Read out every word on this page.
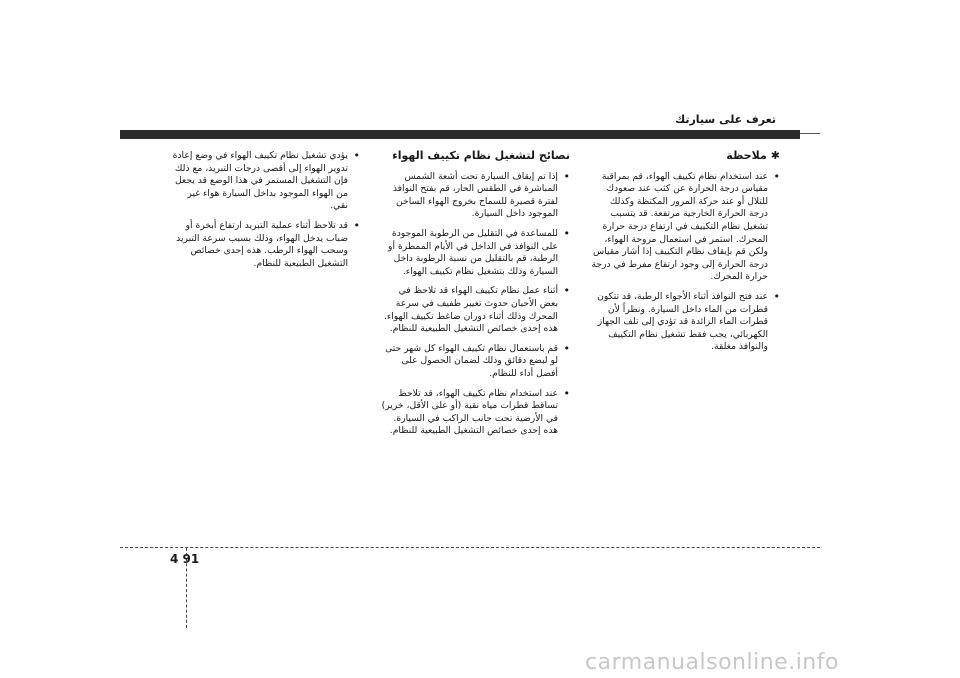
تعرف على سيارتك
✱
ملاحظة
• عند استخدام نظام تكييف الهواء، قم بمراقبة مقياس درجة الحرارة عن كثب عند صعودك للتلال أو عند حركة المرور المكتظة وكذلك درجة الحرارة الخارجية مرتفعة. قد يتسبب تشغيل نظام التكييف في ارتفاع درجة حرارة المحرك. استمر في استعمال مروحة الهواء، ولكن قم بإيقاف نظام التكييف إذا أشار مقياس درجة الحرارة إلى وجود ارتفاع مفرط في درجة حرارة المحرك.
• عند فتح النوافذ أثناء الأجواء الرطبة، قد تتكون قطرات من الماء داخل السيارة. ونظراً لأن قطرات الماء الزائدة قد تؤدي إلى تلف الجهاز الكهربائي، يجب فقط تشغيل نظام التكييف والنوافذ مغلقة.
نصائح لتشغيل نظام تكييف الهواء
• إذا تم إيقاف السيارة تحت أشعة الشمس المباشرة في الطقس الحار، قم بفتح النوافذ لفترة قصيرة للسماح بخروج الهواء الساخن الموجود داخل السيارة.
• للمساعدة في التقليل من الرطوبة الموجودة على النوافذ في الداخل في الأيام الممطرة أو الرطبة، قم بالتقليل من نسبة الرطوبة داخل السيارة وذلك بتشغيل نظام تكييف الهواء.
• أثناء عمل نظام تكييف الهواء قد تلاحظ في بعض الأحيان حدوث تغيير طفيف في سرعة المحرك وذلك أثناء دوران ضاغط تكييف الهواء. هذه إحدى خصائص التشغيل الطبيعية للنظام.
• قم باستعمال نظام تكييف الهواء كل شهر حتى لو لبضع دقائق وذلك لضمان الحصول على أفضل أداء للنظام.
• عند استخدام نظام تكييف الهواء، قد تلاحظ تساقط قطرات مياه نقية (أو على الأقل، خرير) في الأرضية تحت جانب الراكب في السيارة. هذه إحدى خصائص التشغيل الطبيعية للنظام.
• يؤدي تشغيل نظام تكييف الهواء في وضع إعادة تدوير الهواء إلى أقصى درجات التبريد، مع ذلك فإن التشغيل المستمر في هذا الوضع قد يجعل من الهواء الموجود بداخل السيارة هواء غير نقي.
• قد تلاحظ أثناء عملية التبريد ارتفاع أبخرة أو ضباب يدخل الهواء، وذلك بسبب سرعة التبريد وسحب الهواء الرطب. هذه إحدى خصائص التشغيل الطبيعية للنظام.
4 91
carmanualsonline.info
